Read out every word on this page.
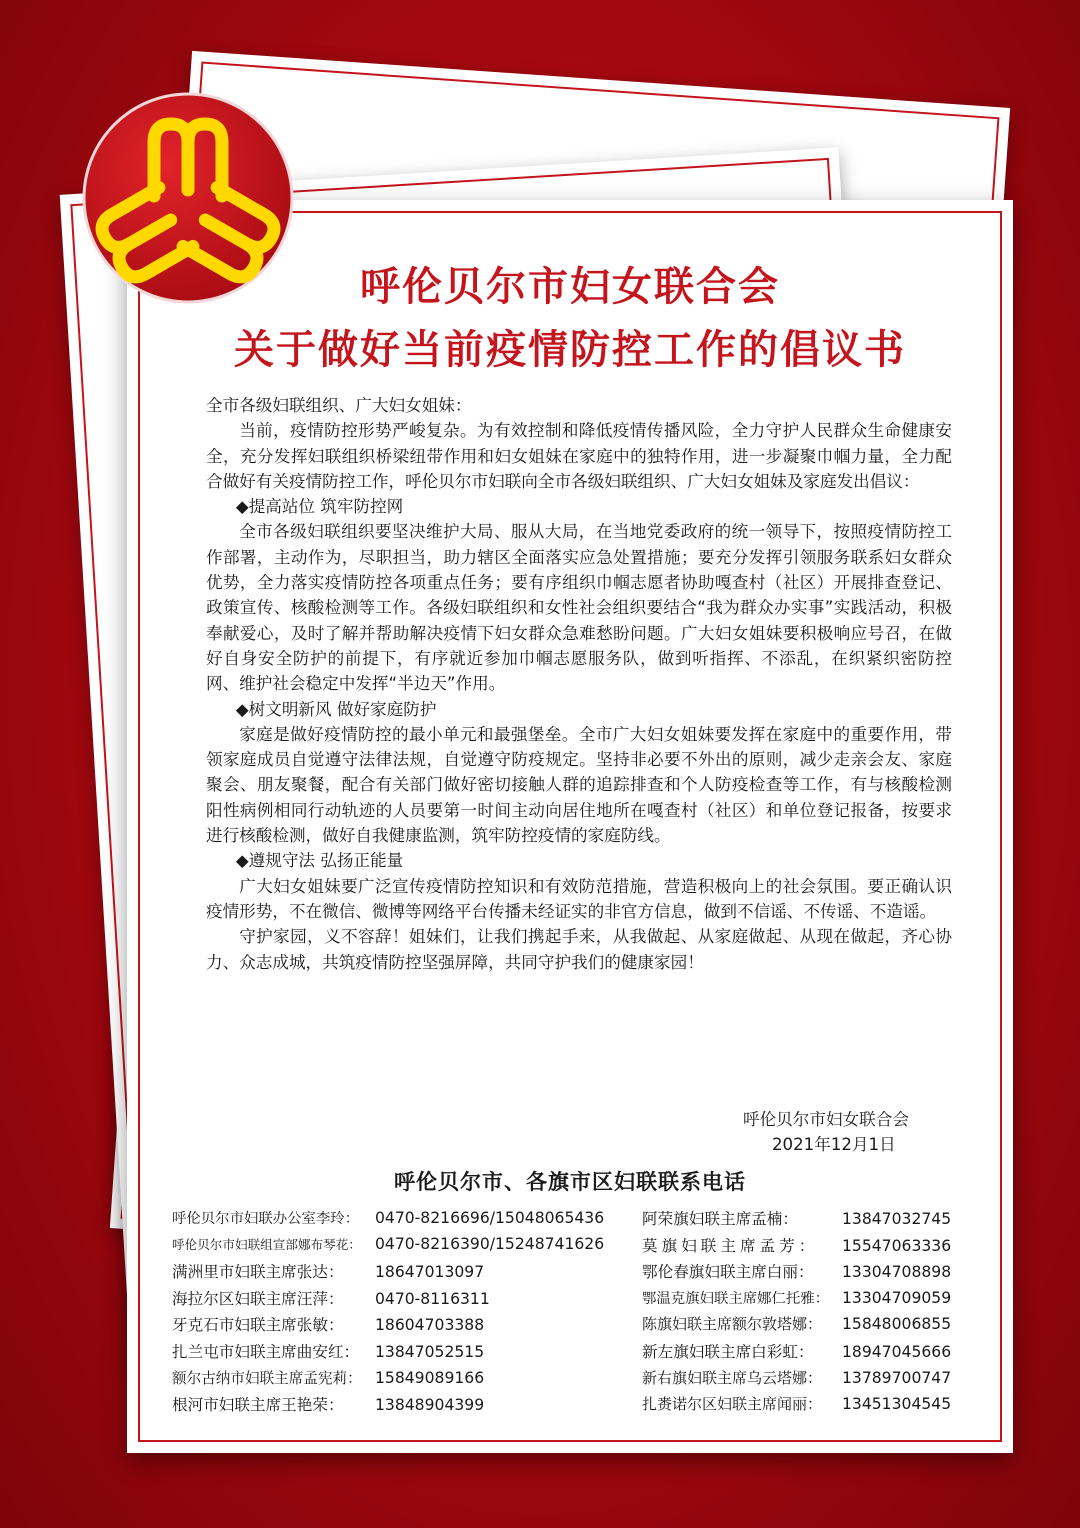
呼伦贝尔市妇女联合会
关于做好当前疫情防控工作的倡议书

全市各级妇联组织、广大妇女姐妹：

当前，疫情防控形势严峻复杂。为有效控制和降低疫情传播风险，全力守护人民群众生命健康安全，充分发挥妇联组织桥梁纽带作用和妇女姐妹在家庭中的独特作用，进一步凝聚巾帼力量，全力配合做好有关疫情防控工作，呼伦贝尔市妇联向全市各级妇联组织、广大妇女姐妹及家庭发出倡议：

◆提高站位 筑牢防控网

全市各级妇联组织要坚决维护大局、服从大局，在当地党委政府的统一领导下，按照疫情防控工作部署，主动作为，尽职担当，助力辖区全面落实应急处置措施；要充分发挥引领服务联系妇女群众优势，全力落实疫情防控各项重点任务；要有序组织巾帼志愿者协助嘎查村（社区）开展排查登记、政策宣传、核酸检测等工作。各级妇联组织和女性社会组织要结合“我为群众办实事”实践活动，积极奉献爱心，及时了解并帮助解决疫情下妇女群众急难愁盼问题。广大妇女姐妹要积极响应号召，在做好自身安全防护的前提下，有序就近参加巾帼志愿服务队，做到听指挥、不添乱，在织紧织密防控网、维护社会稳定中发挥“半边天”作用。

◆树文明新风 做好家庭防护

家庭是做好疫情防控的最小单元和最强堡垒。全市广大妇女姐妹要发挥在家庭中的重要作用，带领家庭成员自觉遵守法律法规，自觉遵守防疫规定。坚持非必要不外出的原则，减少走亲会友、家庭聚会、朋友聚餐，配合有关部门做好密切接触人群的追踪排查和个人防疫检查等工作，有与核酸检测阳性病例相同行动轨迹的人员要第一时间主动向居住地所在嘎查村（社区）和单位登记报备，按要求进行核酸检测，做好自我健康监测，筑牢防控疫情的家庭防线。

◆遵规守法 弘扬正能量

广大妇女姐妹要广泛宣传疫情防控知识和有效防范措施，营造积极向上的社会氛围。要正确认识疫情形势，不在微信、微博等网络平台传播未经证实的非官方信息，做到不信谣、不传谣、不造谣。

守护家园，义不容辞！姐妹们，让我们携起手来，从我做起、从家庭做起、从现在做起，齐心协力、众志成城，共筑疫情防控坚强屏障，共同守护我们的健康家园！

呼伦贝尔市妇女联合会
2021年12月1日
呼伦贝尔市、各旗市区妇联联系电话
呼伦贝尔市妇联办公室李玲： 0470-8216696/15048065436
呼伦贝尔市妇联组宣部娜布琴花： 0470-8216390/15248741626
满洲里市妇联主席张达： 18647013097
海拉尔区妇联主席汪萍： 0470-8116311
牙克石市妇联主席张敏： 18604703388
扎兰屯市妇联主席曲安红： 13847052515
额尔古纳市妇联主席孟宪莉： 15849089166
根河市妇联主席王艳荣： 13848904399
阿荣旗妇联主席孟楠：	13847032745
莫旗妇联主席孟芳： 15547063336
鄂伦春旗妇联主席白丽： 13304708898
鄂温克旗妇联主席娜仁托雅： 13304709059
陈旗妇联主席额尔敦塔娜： 15848006855
新左旗妇联主席白彩虹： 18947045666
新右旗妇联主席乌云塔娜： 13789700747
扎赉诺尔区妇联主席闻丽： 13451304545
